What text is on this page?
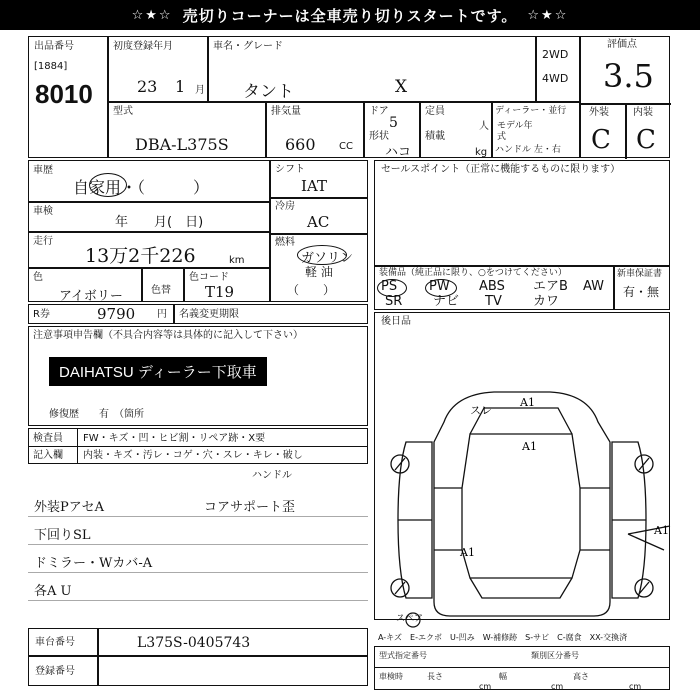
☆★☆ 売切りコーナーは全車売り切りスタートです。 ☆★☆
出品番号
[1884]
8010
初度登録年月
23 1 月
車名・グレード
タント	X
2WD
4WD
評価点
3.5
外装 内装
C C
型式
DBA-L375S
排気量
660 CC
ドア
5
形状
ハコ
定員
人
積載
kg
ディーラー・並行
モデル年式
ハンドル 左・右
車歴
自家用・（　　　）
車検
年　　月(　日)
走行
13万2千226	km
色
アイボリー	色替
色コード
T19
シフト
IAT
冷房
AC
燃料
ガソリン
軽 油
（　　）
セールスポイント（正常に機能するものに限ります）
装備品（純正品に限り、○をつけてください）
PS PW ABS エアB AW
SR ナビ TV カワ
新車保証書
有・無
R券	9790 円 名義変更期限
注意事項申告欄（不具合内容等は具体的に記入して下さい）
DAIHATSU ディーラー下取車
修復歴　　有　（箇所
検査員 FW・キズ・凹・ヒビ割・リペア跡・X要
記入欄 内装・キズ・汚レ・コゲ・穴・スレ・キレ・破し
ハンドル
外装PアセA
下回りSL
ドミラー・Wカバ-A
各A U
コアサポート歪
後日品
A1
スレ
A1
A1
A1
スペア
車台番号	L375S-0405743
登録番号
A-キズ　E-エクボ　U-凹み　W-補修跡　S-サビ　C-腐食　XX-交換済
型式指定番号	類別区分番号
車検時	長さ
cm
幅
cm
高さ
cm
